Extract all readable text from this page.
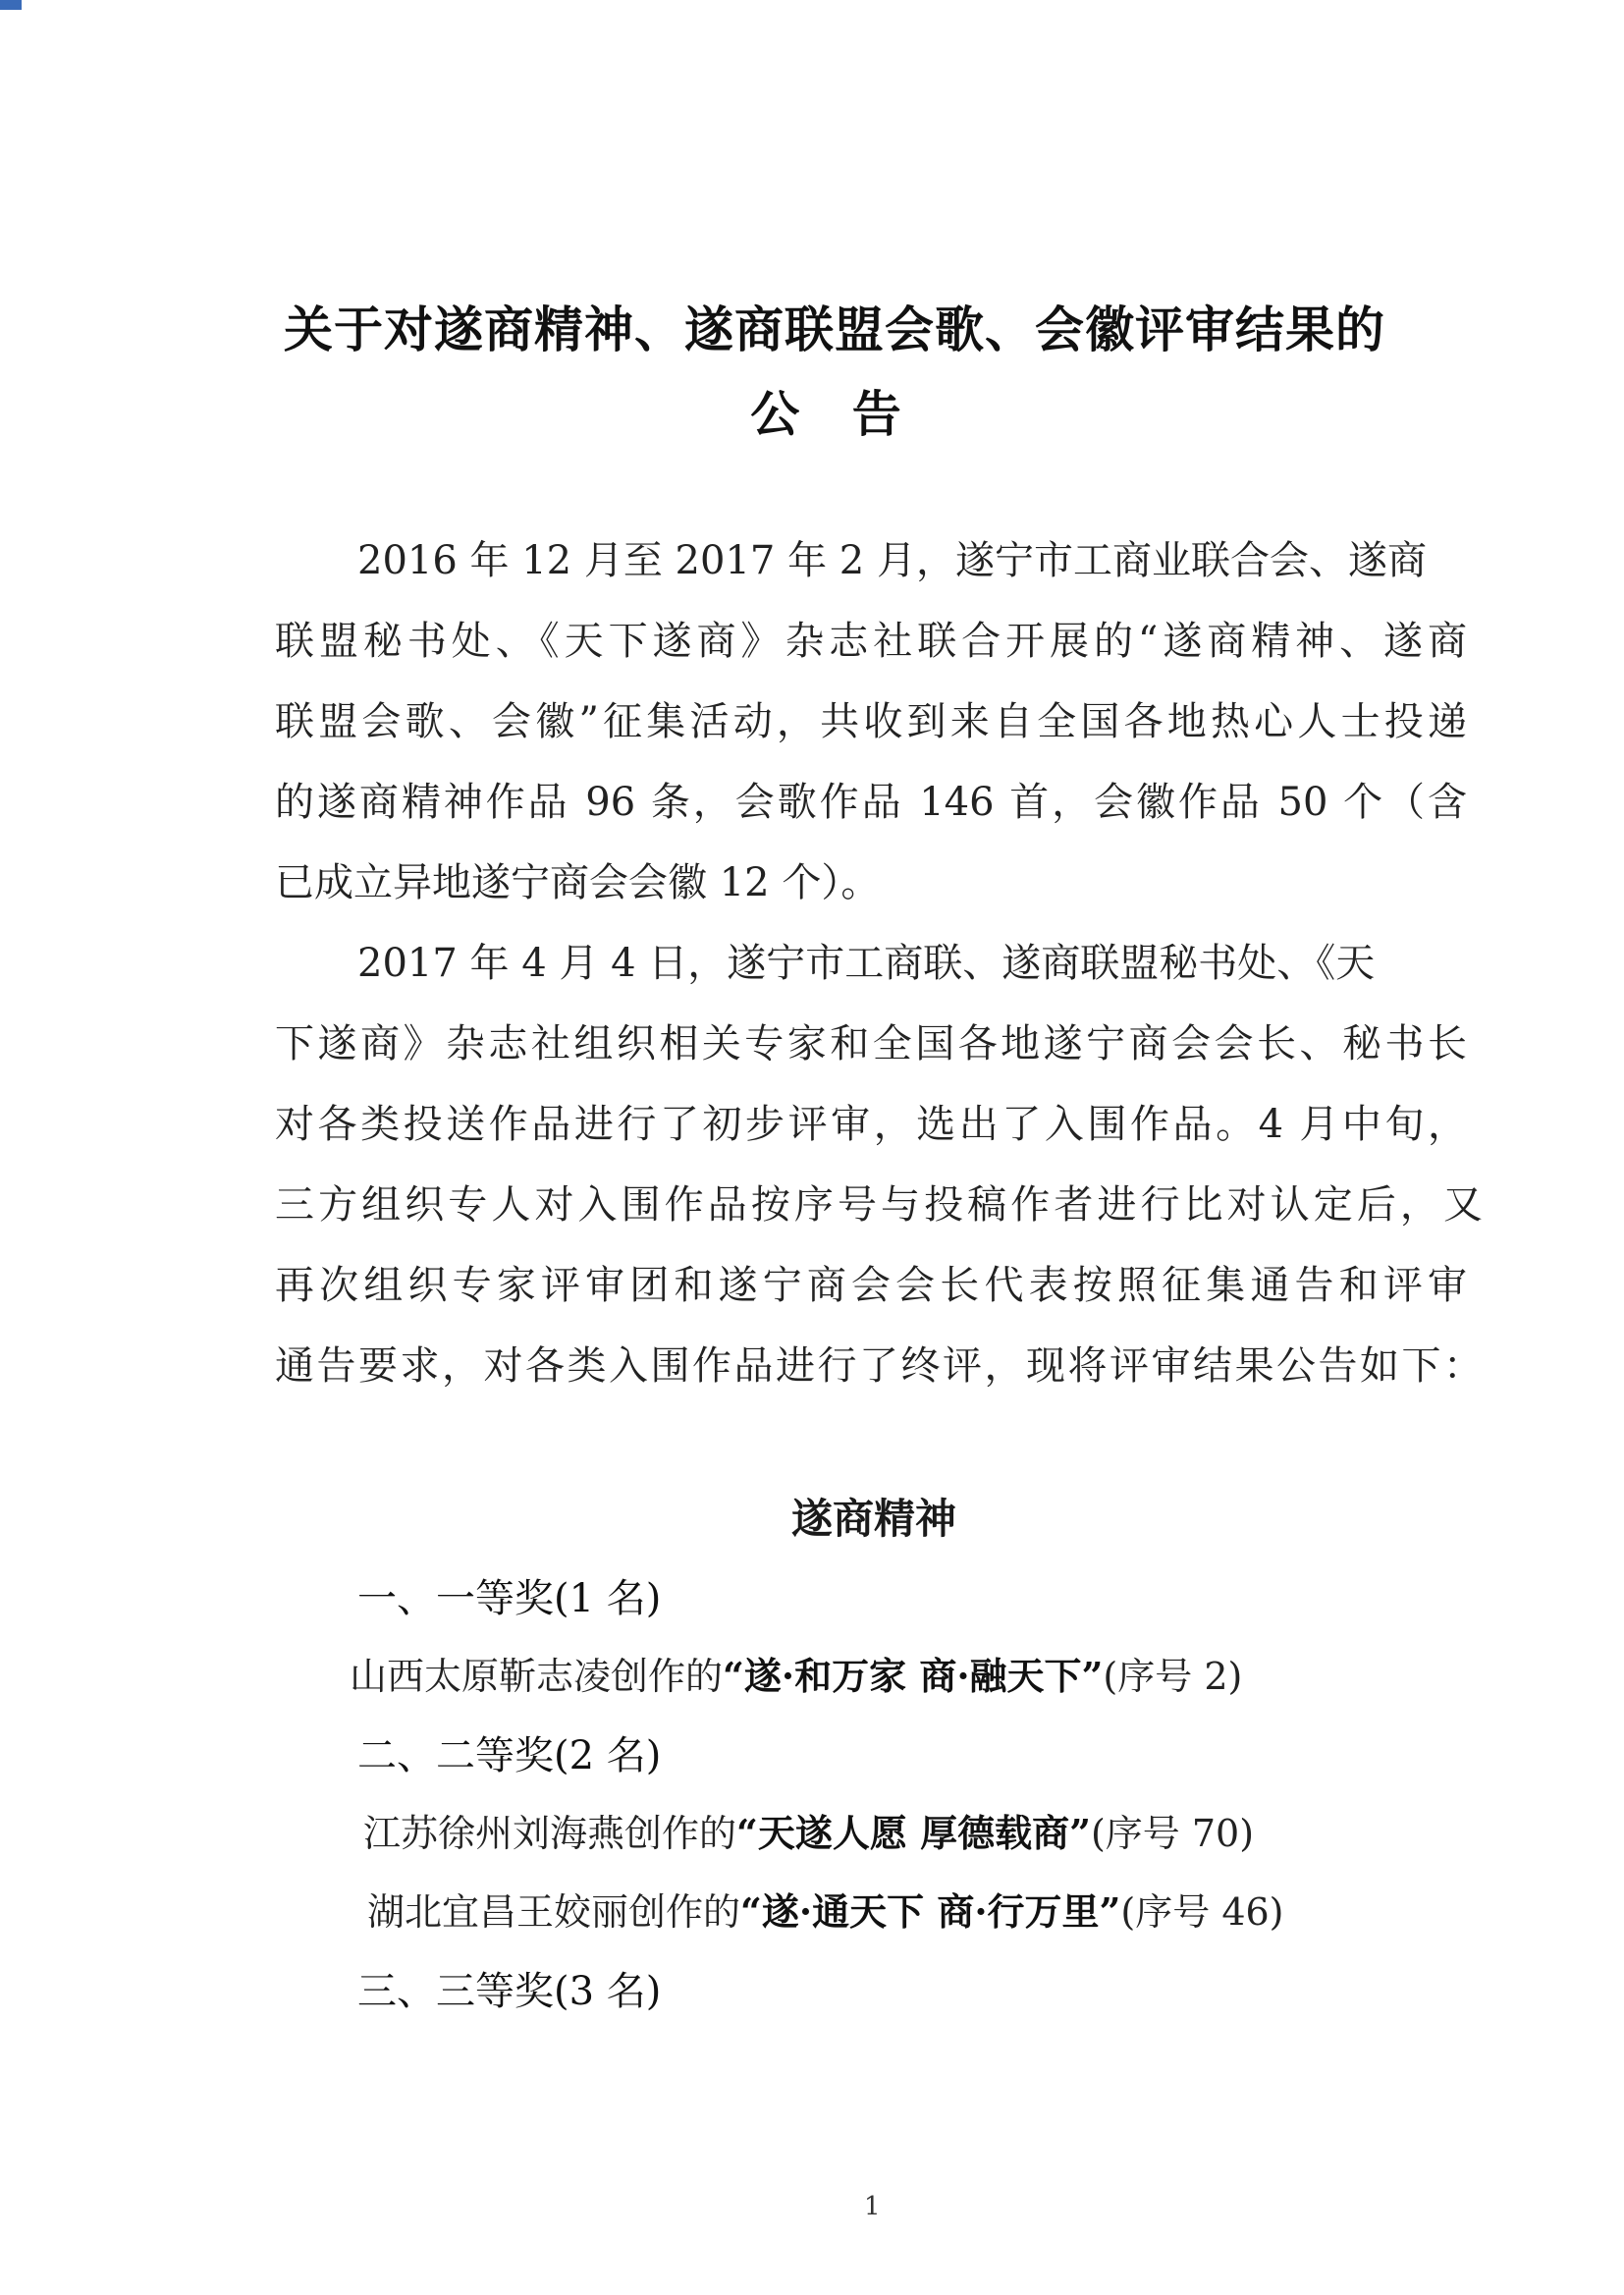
关于对遂商精神、遂商联盟会歌、会徽评审结果的
公 告
2016 年 12 月至 2017 年 2 月，遂宁市工商业联合会、遂商
联盟秘书处、《天下遂商》杂志社联合开展的“遂商精神、遂商
联盟会歌、会徽”征集活动，共收到来自全国各地热心人士投递
的遂商精神作品 96 条，会歌作品 146 首，会徽作品 50 个（含
已成立异地遂宁商会会徽 12 个）。
2017 年 4 月 4 日，遂宁市工商联、遂商联盟秘书处、《天
下遂商》杂志社组织相关专家和全国各地遂宁商会会长、秘书长
对各类投送作品进行了初步评审，选出了入围作品。4 月中旬，
三方组织专人对入围作品按序号与投稿作者进行比对认定后，又
再次组织专家评审团和遂宁商会会长代表按照征集通告和评审
通告要求，对各类入围作品进行了终评，现将评审结果公告如下：
遂商精神
一、一等奖(1 名)
山西太原靳志凌创作的“遂·和万家 商·融天下”(序号 2)
二、二等奖(2 名)
江苏徐州刘海燕创作的“天遂人愿 厚德载商”(序号 70)
湖北宜昌王姣丽创作的“遂·通天下 商·行万里”(序号 46)
三、三等奖(3 名)
1
